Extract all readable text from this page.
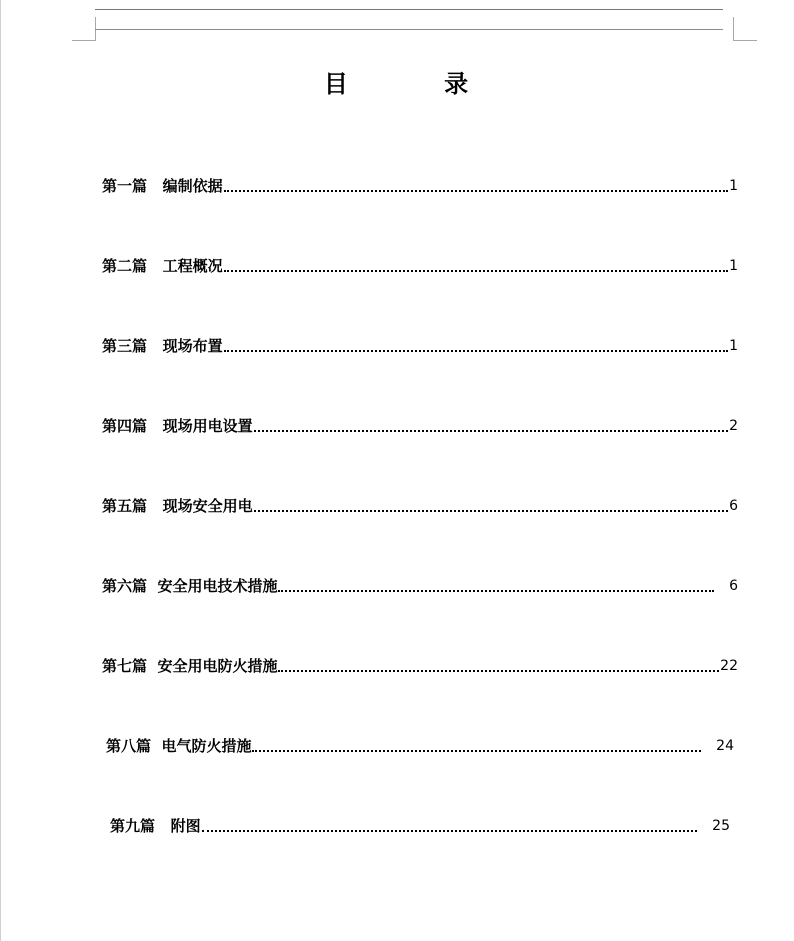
目	录
第一篇   编制依据	1
第二篇   工程概况	1
第三篇   现场布置	1
第四篇   现场用电设置	2
第五篇   现场安全用电	6
第六篇  安全用电技术措施	6
第七篇  安全用电防火措施	22
第八篇  电气防火措施	24
第九篇   附图	25
